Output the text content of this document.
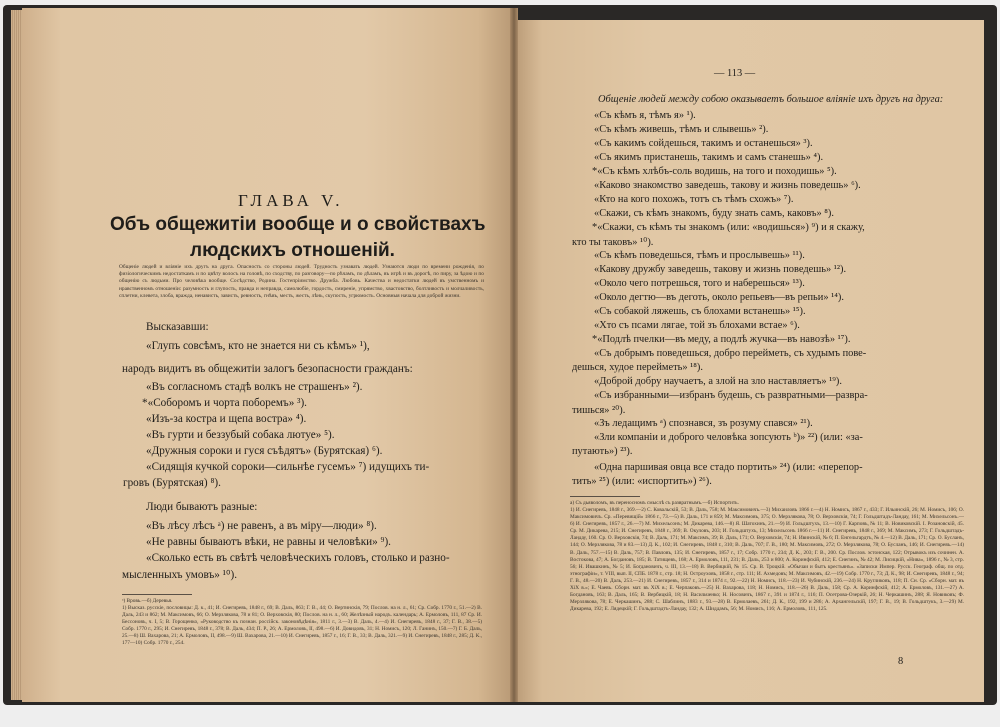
ГЛАВА V.
Объ общежитiи вообще и о свойствахъ
людскихъ отношенiй.
Общенiе людей и влiянiе ихъ другъ на друга. Опасность со стороны людей. Трудность узнавать людей. Узнаются люди по времени рожденiя, по физiологическимъ недостаткамъ и по цвѣту волосъ на головѣ, по сходству, по разговору—по рѣчамъ, по дѣламъ, въ игрѣ и въ дорогѣ, по пиру, за ѣдою и по общенiю съ людьми. Про человѣка вообще. Сосѣдство, Родина. Гостепрiимство. Дружба. Любовь. Качества и недостатки людей въ умственномъ и нравственномъ отношенiи: разумность и глупость, правда и неправда, самолюбiе, гордость, смиренiе, упрямство, хвастовство, болтливость и молчаливость, сплетни, клевета, злоба, вражда, ненависть, зависть, ревность, гнѣвъ, месть, жесть, лѣнь, скупость, угрюмость. Основныя начала для доброй жизни.
Высказавши:
«Глупъ совсѣмъ, кто не знается ни съ кѣмъ» ¹),
народъ видитъ въ общежитiи залогъ безопасности гражданъ:
«Въ согласномъ стадѣ волкъ не страшенъ» ²).
*«Соборомъ и чорта поборемъ» ³).
«Изъ-за костра и щепа востра» ⁴).
«Въ гурти и беззубый собака лютуе» ⁵).
«Дружныя сороки и гуся съѣдятъ» (Бурятская) ⁶).
«Сидящiя кучкой сороки—сильнѣе гусемъ» ⁷) идущихъ ти-
гровъ (Бурятская) ⁸).
Люди бываютъ разные:
«Въ лѣсу лѣсъ ᵃ) не равенъ, а въ мiру—люди» ⁸).
«Не равны бываютъ вѣки, не равны и человѣки» ⁹).
«Сколько есть въ свѣтѣ человѣческихъ головъ, столько и разно-
мысленныхъ умовъ» ¹⁰).
ᵃ) Вровь.—б) Деревья.
1) Высказ. русскiе, пословицы: Д. к., 41; И. Снегиревъ, 1848 г., 69; В. Даль, 863; Г. В., 44; О. Вертинскiя, 79; Послов. на н. л., 61; Ср. Собр. 1770 г., 51.—2) В. Даль, 243 и 862; М. Максимовъ, 66; О. Мерзлякова, 78 и 81; О. Верховскiя, 80; Послов. на н. л., 60; Желѣзный народъ. календарь; А. Ермоловъ, 111, 87 Ср. И. Бессоновъ, ч. I, 5; В. Горощенко, «Руководство къ познан. россiйск. законовѣдѣнiя», 1811 г., 3.—3) В. Даль, 4.—4) И. Снегиревъ, 1848 г., 37; Г. В., 38.—5) Собр. 1770 г., 295; И. Снегиревъ, 1848 г., 378; В. Даль, 434; П. Р., 26; А. Ермоловъ, II, 498.—6) И. Довидовъ, 31; Н. Номисъ, 120; Л. Ганинъ, 150.—7) Г. Б. Даль, 25.—8) Ш. Вахарова, 21; А. Ермоловъ, II, 498.—9) Ш. Вахарова, 21.—10) И. Снегиревъ, 1857 г., 16; Г. В., 33; В. Даль, 321.—9) И. Снегиревъ, 1848 г., 285; Д. К., 177—10) Собр. 1770 г., 254.
— 113 —
Общенiе людей между собою оказываетъ большое влiянiе ихъ другъ на друга:
«Съ кѣмъ я, тѣмъ я» ¹).
«Съ кѣмъ живешь, тѣмъ и слывешь» ²).
«Съ какимъ сойдешься, такимъ и останешься» ³).
«Съ якимъ пристанешь, такимъ и самъ станешь» ⁴).
*«Съ кѣмъ хлѣбъ-соль водишь, на того и походишь» ⁵).
«Каково знакомство заведешь, таковy и жизнь поведешь» ⁶).
«Кто на кого похожъ, тотъ съ тѣмъ схожъ» ⁷).
«Скажи, съ кѣмъ знакомъ, буду знать самъ, каковъ» ⁸).
*«Скажи, съ кѣмъ ты знакомъ (или: «водишься») ⁹) и я скажу,
кто ты таковъ» ¹⁰).
«Съ кѣмъ поведешься, тѣмъ и прослывешь» ¹¹).
«Какову дружбу заведешь, таковy и жизнь поведешь» ¹²).
«Около чего потрешься, того и наберешься» ¹³).
«Около дегтю—въ деготь, около репьевъ—въ репьи» ¹⁴).
«Съ собакой ляжешь, съ блохами встанешь» ¹⁵).
«Хто съ псами лягае, той зъ блохами встае» ⁶).
*«Подлѣ пчелки—въ меду, а подлѣ жучка—въ навозѣ» ¹⁷).
«Съ добрымъ поведешься, добро перейметь, съ худымъ пове-
дешься, худое перейметь» ¹⁸).
«Доброй добру научаетъ, а злой на зло наставляетъ» ¹⁹).
«Съ избранными—избранъ будешь, съ развратными—развра-
тишься» ²⁰).
«Зъ ледащимъ ᵃ) спознався, зъ розуму спався» ²¹).
«Зли компанiи и доброго человѣка зопсують ᵇ)» ²²) (или: «за-
путають») ²³).
«Одна паршивая овца все стадо портить» ²⁴) (или: «перепор-
тить» ²⁵) (или: «испортить») ²⁶).
а) Съ дьяволомъ, въ переносномъ смыслѣ съ развратнымъ.—б) Испортить.
1) И. Снегиревъ, 1848 г., 369.—2) С. Ковальскiй, 53; В. Даль, 758; М. Максимовичъ.—3) Михаиловъ 1866 г.—4) Н. Номисъ, 1867 г., 433; Г. Ильинскiй, 26; М. Номисъ, 106; О. Максимовичъ. Ср. «Перевищiй» 1866 г., 73.—5) В. Даль, 171 и 859; М. Максимовъ, 375; О. Мерзлякова, 78; О. Верховскiя, 74; Г. Гольдштадъ-Ландау, 161; М. Михельсонъ.—6) И. Снегиревъ, 1857 г., 26.—7) М. Михельсонъ; М. Дикарева, 146.—8) Я. Шатохинъ, 21.—9) И. Гольдштухъ, 13.—10) Г. Карповъ, № 11; В. Новиковскiй. I. Розановскiй, 45. Ср. М. Дикарева, 215; И. Снегиревъ, 1848 г., 369; В. Окуловъ, 203; И. Гольдштухъ, 13; Михельсонъ 1866 г.—11) И. Снегиревъ, 1848 г., 369; М. Максимъ, 273; Г. Гольдштадъ-Ландау, 160. Ср. О. Верховскiя, 74; В. Даль, 171; М. Максимъ, 39; В. Даль, 171; О. Верховскiя, 74; Н. Ивинскiй, № 6; П. Енгельгардтъ, № 4.—12) В. Даль, 171; Ср. О. Бусланъ, 144; О. Мерзлякова, 78 и 83.—13) Д. К., 102; И. Снегиревъ, 1848 г., 310; В. Даль, 707; Г. В., 180; М. Максимовъ, 272; О. Мерзлякова, 78; О. Бусланъ, 146; И. Снегиревъ.—14) В. Даль, 757.—15) В. Даль, 757; В. Павловъ, 135; И. Снегиревъ, 1857 г., 17; Собр. 1770 г., 234; Д. К., 203; Г. В., 200. Ср. Послов. эстонская, 122; Отрывокъ изъ сочинен. А. Востокова, 47; А. Богдановъ, 185; В. Татищевъ, 168; А. Ермоловъ, 111, 231; В. Даль, 253 и 800; А. Коринфскiй, 412; Е. Снегинъ, № 42; М. Лисицкiй, «Нива», 1896 г., № 3, стр. 56; Н. Ивашкинъ, № 5; И. Богдановичъ, ч. III, 13.—18) В. Вербицкiй, № 15. Ср. В. Троцкiй. «Обычаи и бытъ крестьянъ». «Записки Импер. Русск. Географ. общ. по отд. этнографiи», т. VIII, вып. II, СПБ. 1878 г., стр. 18; Н. Остроуховъ, 1858 г., стр. 111; И. Ахмедовъ; М. Максимовъ, 42.—19) Собр. 1770 г., 73; Д. К., 98; И. Снегиревъ, 1848 г., 94; Г. В., 48.—20) В. Даль, 253.—21) И. Снегиревъ, 1857 г., 314 и 1874 г., 92.—22) Н. Номисъ, 118.—23) И. Чубинскiй, 236.—24) Н. Кругликовъ, 118; П. Сн. Ср. «Сборн. мат. въ ХiХ в.»; Е. Чаевъ. Сборн. мат. въ ХiХ в.; Е. Черпаковъ.—25) Н. Вахарова, 118; Н. Номисъ, 118.—26) В. Даль, 158; Ср. А. Коринфскiй, 412; А. Ермоловъ, 131.—27) А. Богдановъ, 163; В. Даль, 165; В. Вербицкiй, 18; Н. Васильченко; Н. Носовичъ, 1867 г., 391 и 1874 г., 116; П. Осетрова-Озеркiй, 26; Н. Черкашинъ, 288; Я. Новиковъ; Ф. Мерзлякова, 78; Е. Черкашинъ, 288; С. Шаблинъ, 1883 г., 93.—28) В. Ермолаевъ, 261; Д. К., 192, 199 и 286; А. Архангельскiй, 197; Г. В., 19; В. Гольдштукъ, 3.—29) М. Дикарева, 192; Е. Лядецкiй; Г. Гольдштадтъ-Ландау, 132; А. Шиддамъ, 56; М. Номисъ, 116; А. Ермоловъ, 111, 125.
8
